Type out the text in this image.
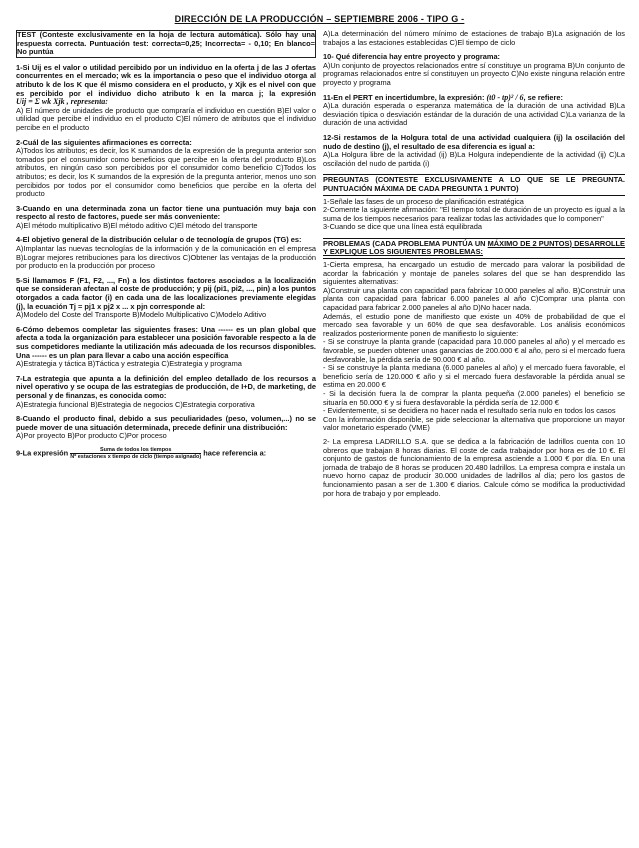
DIRECCIÓN DE LA PRODUCCIÓN – SEPTIEMBRE 2006 - TIPO G -

TEST (Conteste exclusivamente en la hoja de lectura automática). Sólo hay una respuesta correcta. Puntuación test: correcta=0,25; Incorrecta= - 0,10; En blanco= No puntúa

1-Si Uij es el valor o utilidad percibido por un individuo en la oferta j de las J ofertas concurrentes en el mercado; wk es la importancia o peso que el individuo otorga al atributo k de los K que él mismo considera en el producto, y Xjk es el nivel con que es percibido por el individuo dicho atributo k en la marca j; la expresión Uij = Σ wk Xjk , representa:

A) El número de unidades de producto que compraría el individuo en cuestión B)El valor o utilidad que percibe el individuo en el producto C)El número de atributos que el individuo percibe en el producto

2-Cuál de las siguientes afirmaciones es correcta:

A)Todos los atributos; es decir, los K sumandos de la expresión de la pregunta anterior son tomados por el consumidor como beneficios que percibe en la oferta del producto B)Los atributos, en ningún caso son percibidos por el consumidor como beneficio C)Todos los atributos; es decir, los K sumandos de la expresión de la pregunta anterior, menos uno son percibidos por todos por el consumidor como beneficios que percibe en la oferta del producto

3-Cuando en una determinada zona un factor tiene una puntuación muy baja con respecto al resto de factores, puede ser más conveniente:

A)El método multiplicativo B)El método aditivo C)El método del transporte

4-El objetivo general de la distribución celular o de tecnología de grupos (TG) es:

A)Implantar las nuevas tecnologías de la información y de la comunicación en el empresa B)Lograr mejores retribuciones para los directivos C)Obtener las ventajas de la producción por producto en la producción por proceso

5-Si llamamos F (F1, F2, ..., Fn) a los distintos factores asociados a la localización que se consideran afectan al coste de producción; y pij (pi1, pi2, ..., pin) a los puntos otorgados a cada factor (i) en cada una de las localizaciones previamente elegidas (j), la ecuación Tj = pj1 x pj2 x ... x pjn corresponde al:

A)Modelo del Coste del Transporte B)Modelo Multiplicativo C)Modelo Aditivo

6-Cómo debemos completar las siguientes frases: Una ------ es un plan global que afecta a toda la organización para establecer una posición favorable respecto a la de sus competidores mediante la utilización más adecuada de los recursos disponibles. Una ------ es un plan para llevar a cabo una acción específica

A)Estrategia y táctica B)Táctica y estrategia C)Estrategia y programa

7-La estrategia que apunta a la definición del empleo detallado de los recursos a nivel operativo y se ocupa de las estrategias de producción, de I+D, de marketing, de personal y de finanzas, es conocida como:

A)Estrategia funcional B)Estrategia de negocios C)Estrategia corporativa

8-Cuando el producto final, debido a sus peculiaridades (peso, volumen,...) no se puede mover de una situación determinada, precede definir una distribución:

A)Por proyecto B)Por producto C)Por proceso

9-La expresión $\frac{\text{Suma de todos los tiempos}}{\text{Nº estaciones x tiempo de ciclo (tiempo asignado)}}$ hace referencia a:

A)La determinación del número mínimo de estaciones de trabajo B)La asignación de los trabajos a las estaciones establecidas C)El tiempo de ciclo

10- Qué diferencia hay entre proyecto y programa:

A)Un conjunto de proyectos relacionados entre sí constituye un programa B)Un conjunto de programas relacionados entre sí constituyen un proyecto C)No existe ninguna relación entre proyecto y programa

11-En el PERT en incertidumbre, la expresión: (t0 - tp)² / 6, se refiere:

A)La duración esperada o esperanza matemática de la duración de una actividad B)La desviación típica o desviación estándar de la duración de una actividad C)La varianza de la duración de una actividad

12-Si restamos de la Holgura total de una actividad cualquiera (ij) la oscilación del nudo de destino (j), el resultado de esa diferencia es igual a:

A)La Holgura libre de la actividad (ij) B)La Holgura independiente de la actividad (ij) C)La oscilación del nudo de partida (i)

PREGUNTAS (CONTESTE EXCLUSIVAMENTE A LO QUE SE LE PREGUNTA. PUNTUACIÓN MÁXIMA DE CADA PREGUNTA 1 PUNTO)

1-Señale las fases de un proceso de planificación estratégica

2-Comente la siguiente afirmación: "El tiempo total de duración de un proyecto es igual a la suma de los tiempos necesarios para realizar todas las actividades que lo componen"

3-Cuando se dice que una línea está equilibrada

PROBLEMAS (CADA PROBLEMA PUNTÚA UN MÁXIMO DE 2 PUNTOS) DESARROLLE Y EXPLIQUE LOS SIGUIENTES PROBLEMAS:

1-Cierta empresa, ha encargado un estudio de mercado para valorar la posibilidad de acordar la fabricación y montaje de paneles solares del que se han desprendido las siguientes alternativas:

A)Construir una planta con capacidad para fabricar 10.000 paneles al año. B)Construir una planta con capacidad para fabricar 6.000 paneles al año C)Comprar una planta con capacidad para fabricar 2.000 paneles al año D)No hacer nada.

Además, el estudio pone de manifiesto que existe un 40% de probabilidad de que el mercado sea favorable y un 60% de que sea desfavorable. Los análisis económicos realizados posteriormente ponen de manifiesto lo siguiente:

- Si se construye la planta grande (capacidad para 10.000 paneles al año) y el mercado es favorable, se pueden obtener unas ganancias de 200.000 € al año, pero si el mercado fuera desfavorable, la pérdida sería de 90.000 € al año.

- Si se construye la planta mediana (6.000 paneles al año) y el mercado fuera favorable, el beneficio sería de 120.000 € año y si el mercado fuera desfavorable la pérdida anual se estima en 20.000 €

- Si la decisión fuera la de comprar la planta pequeña (2.000 paneles) el beneficio se situaría en 50.000 € y si fuera desfavorable la pérdida sería de 12.000 €

- Evidentemente, si se decidiera no hacer nada el resultado sería nulo en todos los casos

Con la información disponible, se pide seleccionar la alternativa que proporcione un mayor valor monetario esperado (VME)

2- La empresa LADRILLO S.A. que se dedica a la fabricación de ladrillos cuenta con 10 obreros que trabajan 8 horas diarias. El coste de cada trabajador por hora es de 10 €. El conjunto de gastos de funcionamiento de la empresa asciende a 1.000 € por día. En una jornada de trabajo de 8 horas se producen 20.480 ladrillos. La empresa compra e instala un nuevo horno capaz de producir 30.000 unidades de ladrillos al día; pero los gastos de funcionamiento pasan a ser de 1.300 € diarios. Calcule cómo se modifica la productividad por hora de trabajo y por empleado.
